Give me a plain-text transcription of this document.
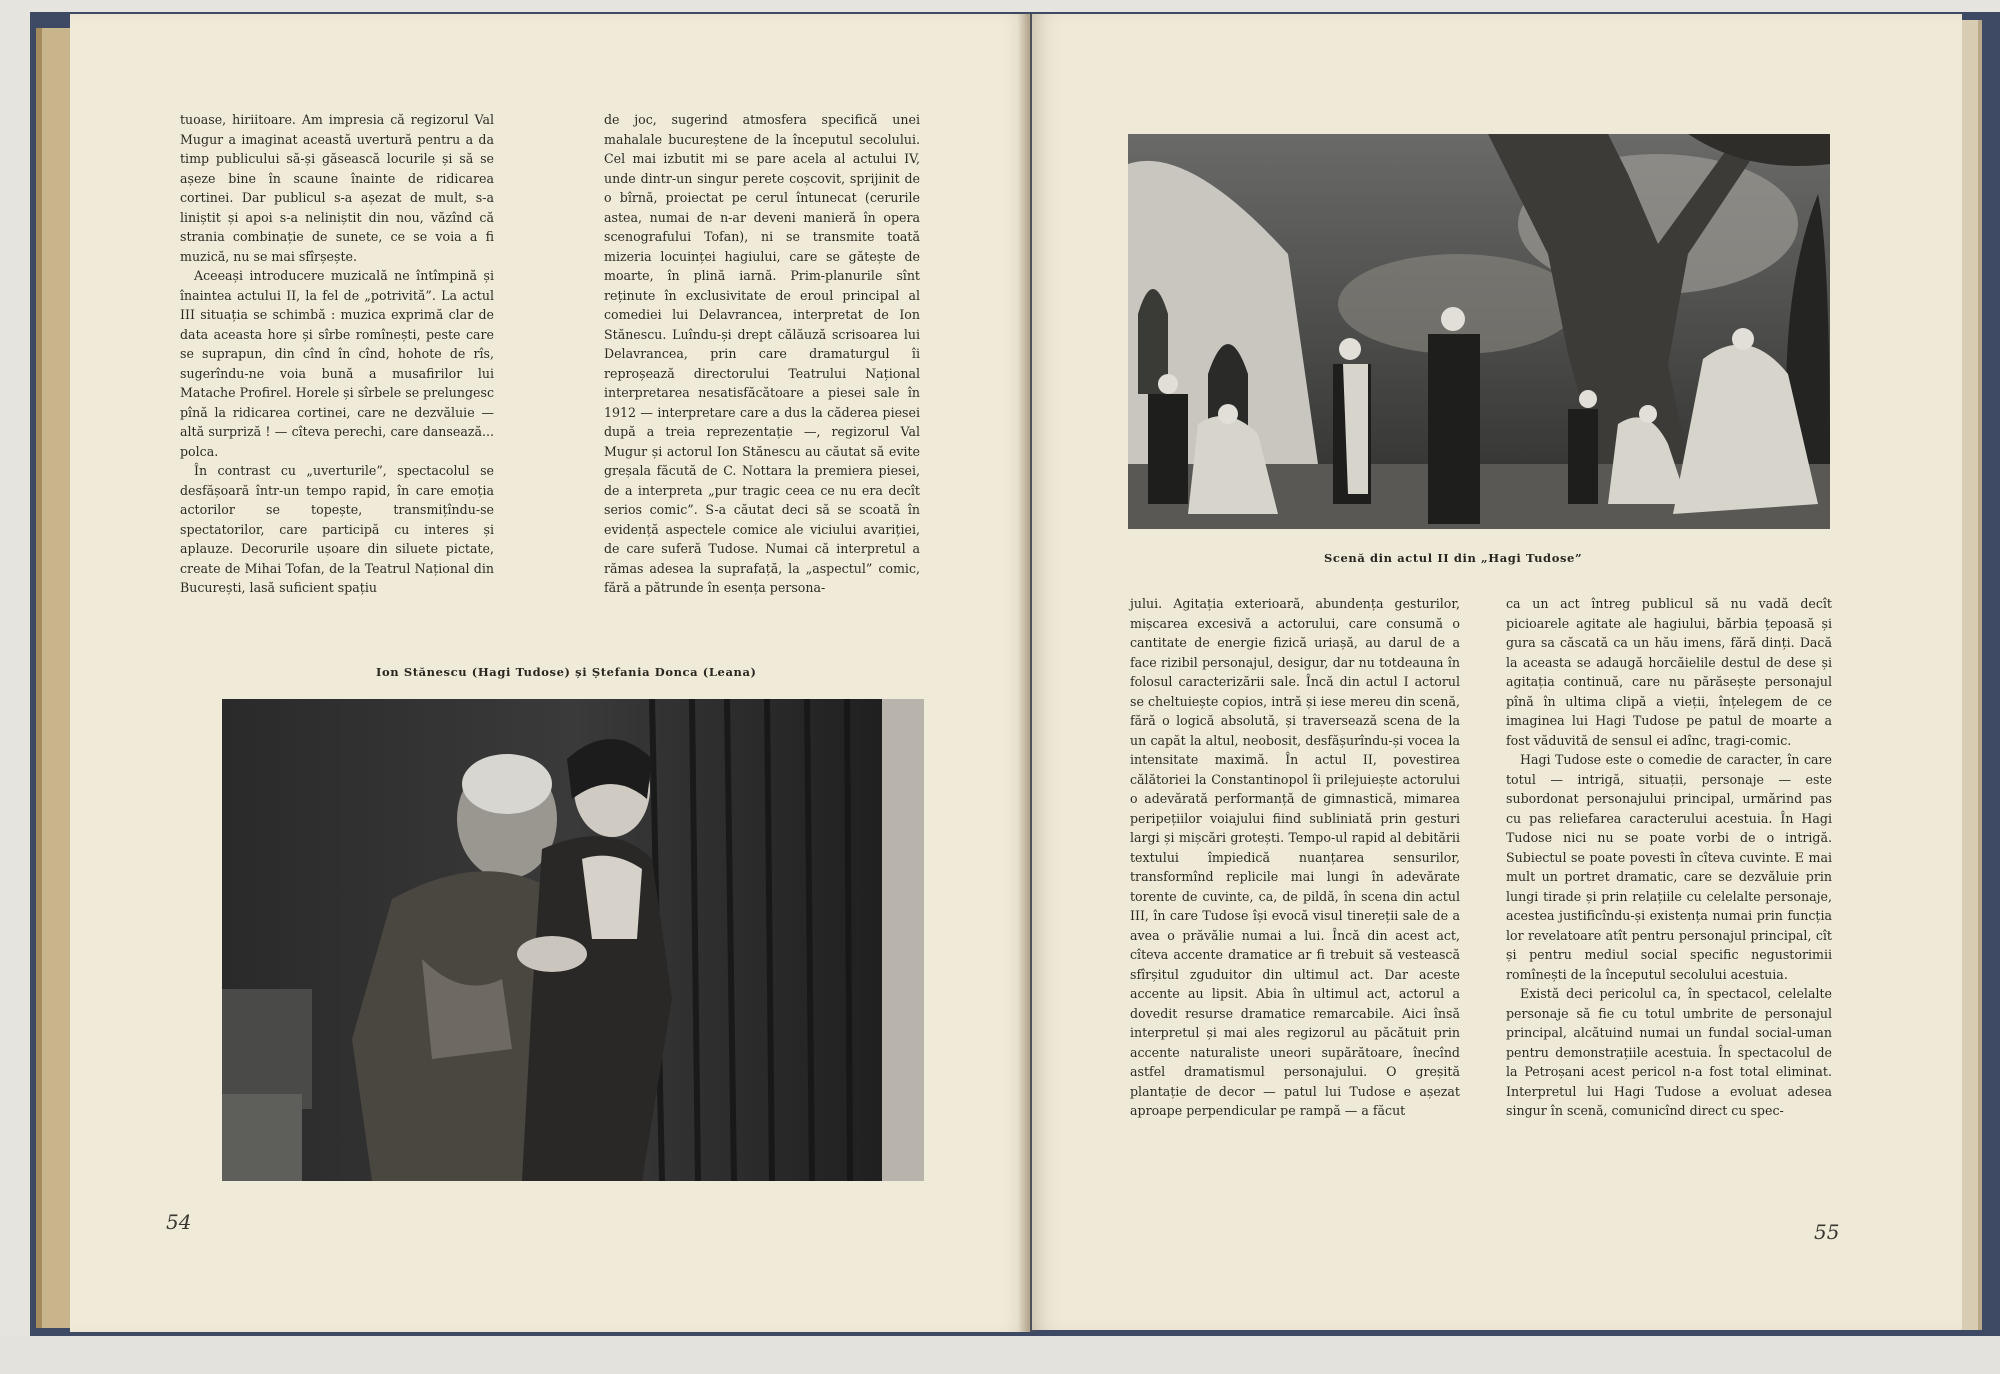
tuoase, hiriitoare. Am impresia că regizorul Val Mugur a imaginat această uvertură pentru a da timp publicului să-și găsească locurile și să se așeze bine în scaune înainte de ridicarea cortinei. Dar publicul s-a așezat de mult, s-a liniștit și apoi s-a neliniștit din nou, văzînd că strania combinație de sunete, ce se voia a fi muzică, nu se mai sfîrșește.

Aceeași introducere muzicală ne întîmpină și înaintea actului II, la fel de „potrivită”. La actul III situația se schimbă : muzica exprimă clar de data aceasta hore și sîrbe romînești, peste care se suprapun, din cînd în cînd, hohote de rîs, sugerîndu-ne voia bună a musafirilor lui Matache Profirel. Horele și sîrbele se prelungesc pînă la ridicarea cortinei, care ne dezvăluie — altă surpriză ! — cîteva perechi, care dansează... polca.

În contrast cu „uverturile”, spectacolul se desfășoară într-un tempo rapid, în care emoția actorilor se topește, transmițîndu-se spectatorilor, care participă cu interes și aplauze. Decorurile ușoare din siluete pictate, create de Mihai Tofan, de la Teatrul Național din București, lasă suficient spațiu

de joc, sugerind atmosfera specifică unei mahalale bucureștene de la începutul secolului. Cel mai izbutit mi se pare acela al actului IV, unde dintr-un singur perete coșcovit, sprijinit de o bîrnă, proiectat pe cerul întunecat (cerurile astea, numai de n-ar deveni manieră în opera scenografului Tofan), ni se transmite toată mizeria locuinței hagiului, care se gătește de moarte, în plină iarnă. Prim-planurile sînt reținute în exclusivitate de eroul principal al comediei lui Delavrancea, interpretat de Ion Stănescu. Luîndu-și drept călăuză scrisoarea lui Delavrancea, prin care dramaturgul îi reproșează directorului Teatrului Național interpretarea nesatisfăcătoare a piesei sale în 1912 — interpretare care a dus la căderea piesei după a treia reprezentație —, regizorul Val Mugur și actorul Ion Stănescu au căutat să evite greșala făcută de C. Nottara la premiera piesei, de a interpreta „pur tragic ceea ce nu era decît serios comic”. S-a căutat deci să se scoată în evidență aspectele comice ale viciului avariției, de care suferă Tudose. Numai că interpretul a rămas adesea la suprafață, la „aspectul” comic, fără a pătrunde în esența persona-

Ion Stănescu (Hagi Tudose) și Ștefania Donca (Leana)
54
Scenă din actul II din „Hagi Tudose”

jului. Agitația exterioară, abundența gesturilor, mișcarea excesivă a actorului, care consumă o cantitate de energie fizică uriașă, au darul de a face rizibil personajul, desigur, dar nu totdeauna în folosul caracterizării sale. Încă din actul I actorul se cheltuiește copios, intră și iese mereu din scenă, fără o logică absolută, și traversează scena de la un capăt la altul, neobosit, desfășurîndu-și vocea la intensitate maximă. În actul II, povestirea călătoriei la Constantinopol îi prilejuiește actorului o adevărată performanță de gimnastică, mimarea peripețiilor voiajului fiind subliniată prin gesturi largi și mișcări grotești. Tempo-ul rapid al debitării textului împiedică nuanțarea sensurilor, transformînd replicile mai lungi în adevărate torente de cuvinte, ca, de pildă, în scena din actul III, în care Tudose își evocă visul tinereții sale de a avea o prăvălie numai a lui. Încă din acest act, cîteva accente dramatice ar fi trebuit să vestească sfîrșitul zguduitor din ultimul act. Dar aceste accente au lipsit. Abia în ultimul act, actorul a dovedit resurse dramatice remarcabile. Aici însă interpretul și mai ales regizorul au păcătuit prin accente naturaliste uneori supărătoare, înecînd astfel dramatismul personajului. O greșită plantație de decor — patul lui Tudose e așezat aproape perpendicular pe rampă — a făcut

ca un act întreg publicul să nu vadă decît picioarele agitate ale hagiului, bărbia țepoasă și gura sa căscată ca un hău imens, fără dinți. Dacă la aceasta se adaugă horcăielile destul de dese și agitația continuă, care nu părăsește personajul pînă în ultima clipă a vieții, înțelegem de ce imaginea lui Hagi Tudose pe patul de moarte a fost văduvită de sensul ei adînc, tragi-comic.

Hagi Tudose este o comedie de caracter, în care totul — intrigă, situații, personaje — este subordonat personajului principal, urmărind pas cu pas reliefarea caracterului acestuia. În Hagi Tudose nici nu se poate vorbi de o intrigă. Subiectul se poate povesti în cîteva cuvinte. E mai mult un portret dramatic, care se dezvăluie prin lungi tirade și prin relațiile cu celelalte personaje, acestea justificîndu-și existența numai prin funcția lor revelatoare atît pentru personajul principal, cît și pentru mediul social specific negustorimii romînești de la începutul secolului acestuia.

Există deci pericolul ca, în spectacol, celelalte personaje să fie cu totul umbrite de personajul principal, alcătuind numai un fundal social-uman pentru demonstrațiile acestuia. În spectacolul de la Petroșani acest pericol n-a fost total eliminat. Interpretul lui Hagi Tudose a evoluat adesea singur în scenă, comunicînd direct cu spec-

55
